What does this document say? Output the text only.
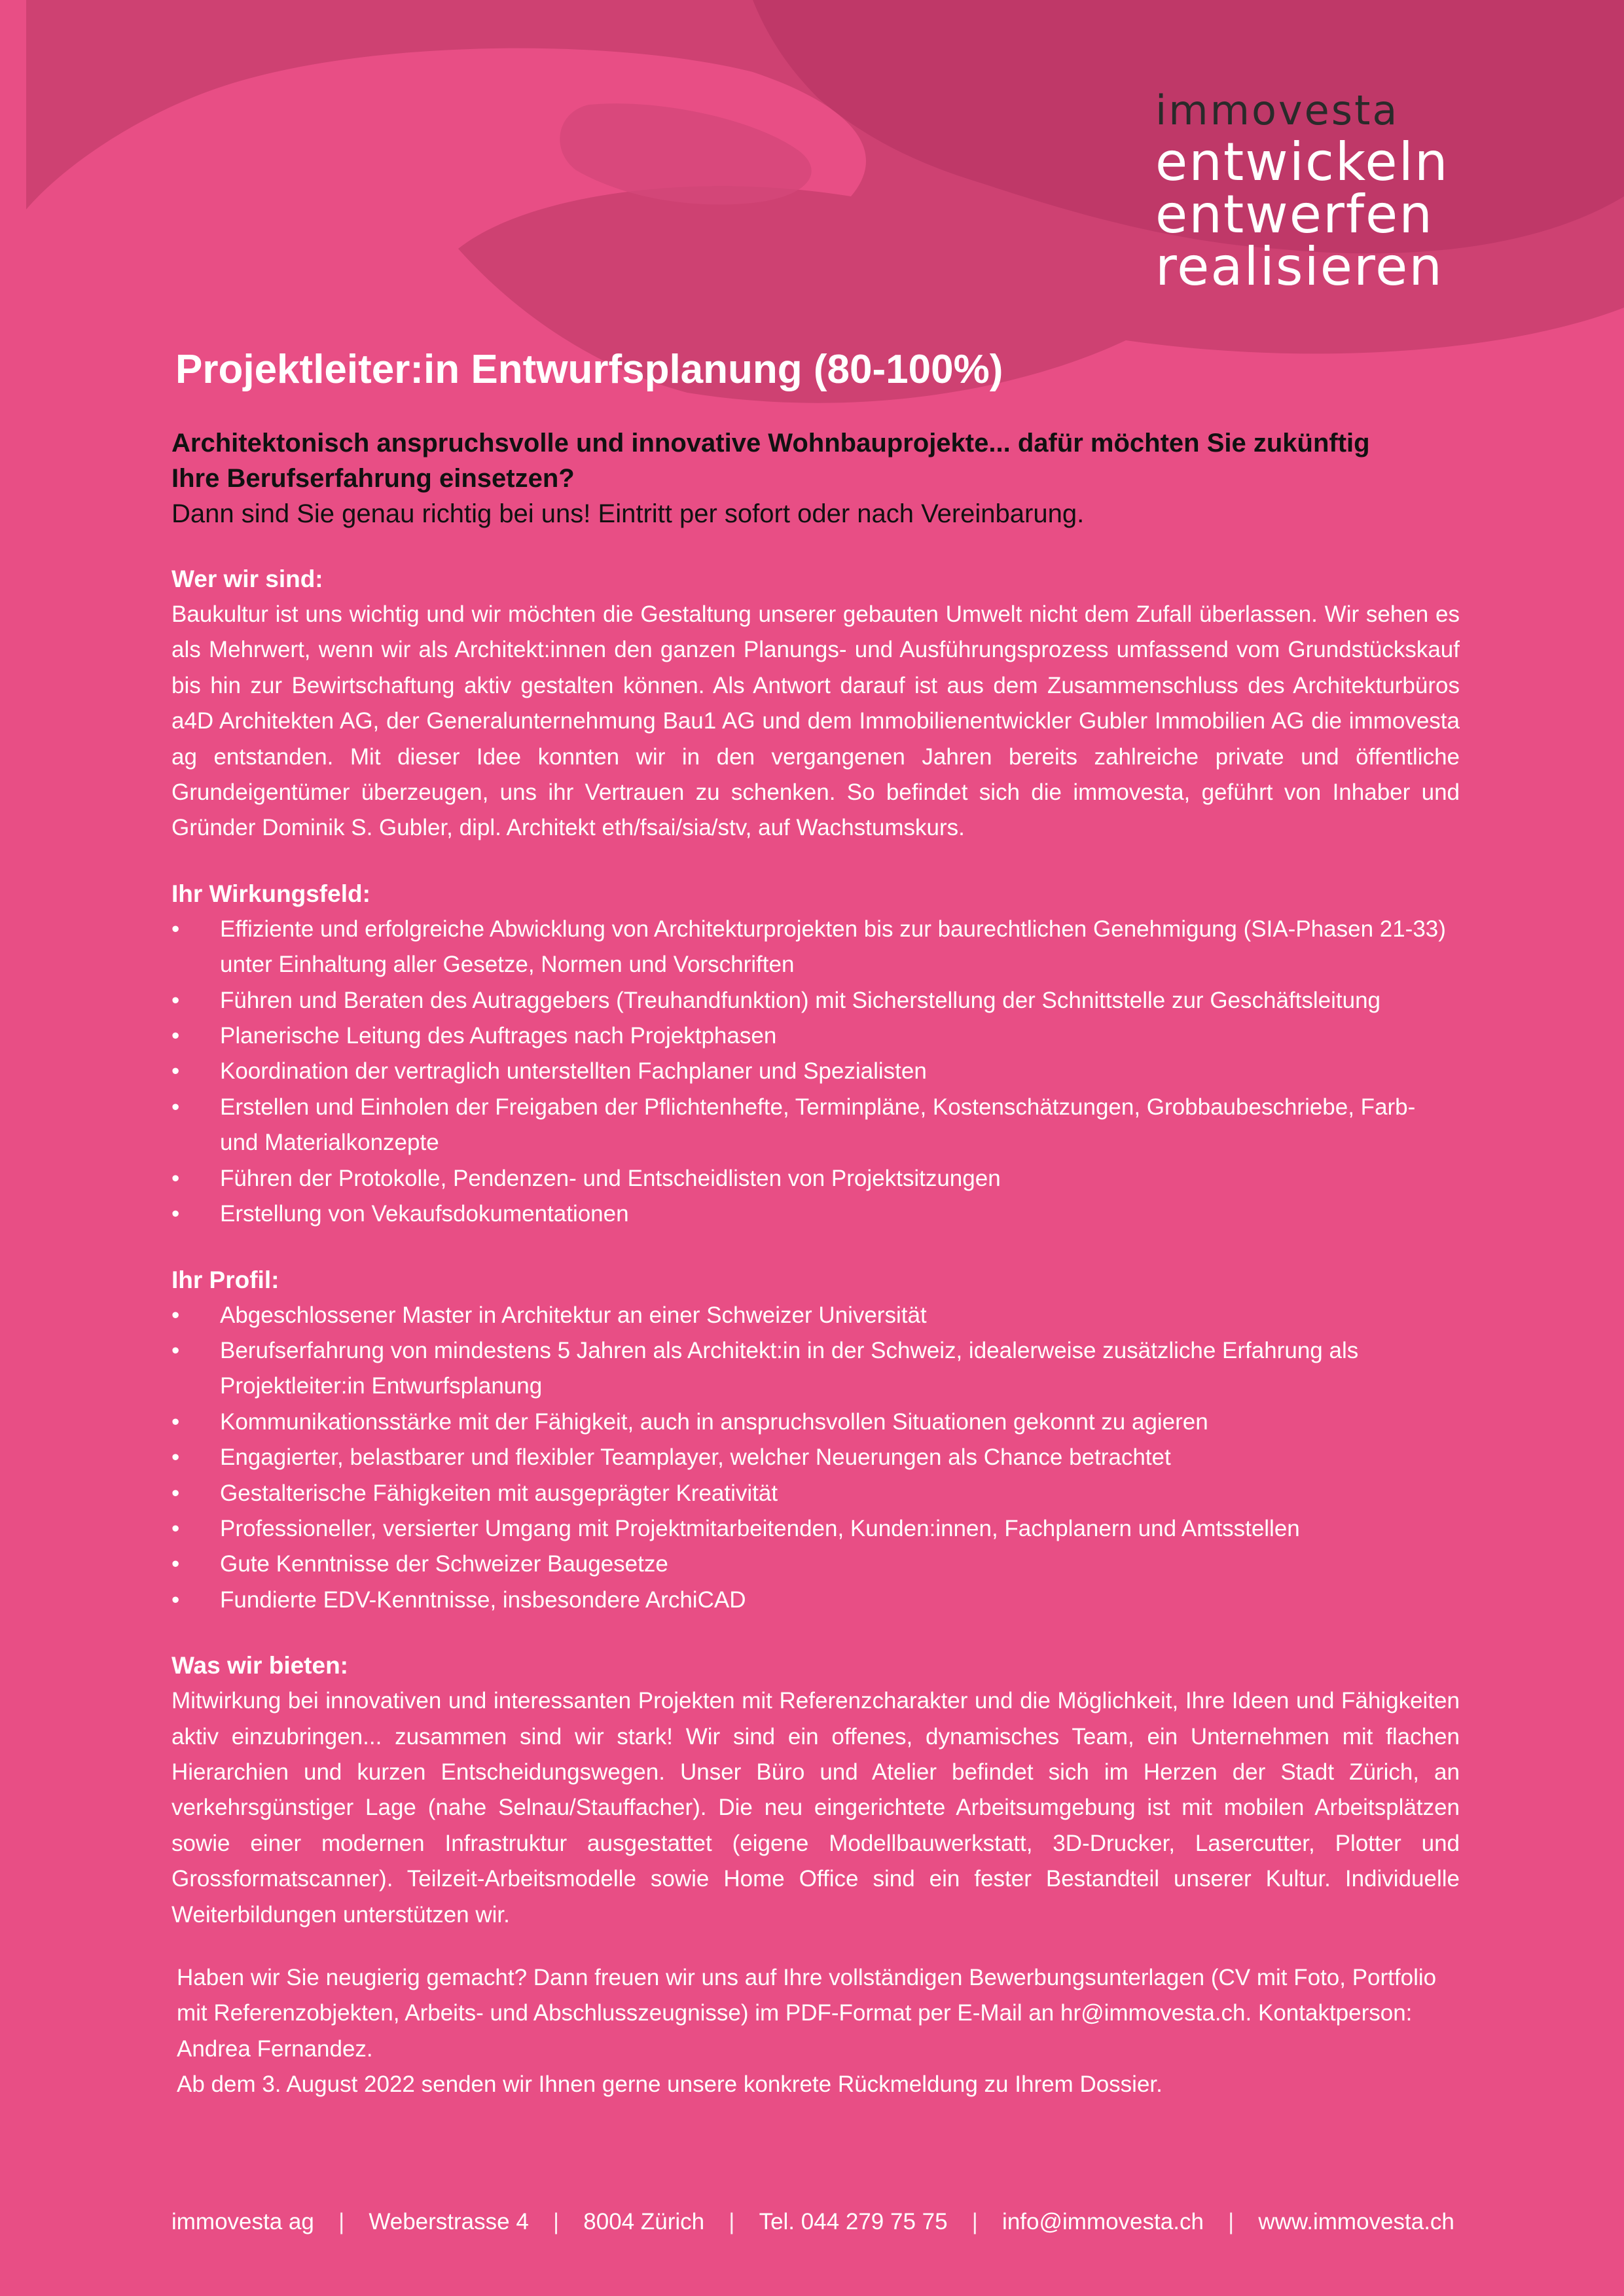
immovesta
entwickeln
entwerfen
realisieren
Projektleiter:in Entwurfsplanung (80-100%)

Architektonisch anspruchsvolle und innovative Wohnbauprojekte... dafür möchten Sie zukünftig
Ihre Berufserfahrung einsetzen?

Dann sind Sie genau richtig bei uns! Eintritt per sofort oder nach Vereinbarung.

Wer wir sind:

Baukultur ist uns wichtig und wir möchten die Gestaltung unserer gebauten Umwelt nicht dem Zufall überlassen. Wir sehen es als Mehrwert, wenn wir als Architekt:innen den ganzen Planungs- und Ausführungsprozess umfassend vom Grundstückskauf bis hin zur Bewirtschaftung aktiv gestalten können. Als Antwort darauf ist aus dem Zusammenschluss des Architekturbüros a4D Architekten AG, der Generalunternehmung Bau1 AG und dem Immobilienentwickler Gubler Immobilien AG die immovesta ag entstanden. Mit dieser Idee konnten wir in den vergangenen Jahren bereits zahlreiche private und öffentliche Grundeigentümer überzeugen, uns ihr Vertrauen zu schenken. So befindet sich die immovesta, geführt von Inhaber und Gründer Dominik S. Gubler, dipl. Architekt eth/fsai/sia/stv, auf Wachstumskurs.

Ihr Wirkungsfeld:
• Effiziente und erfolgreiche Abwicklung von Architekturprojekten bis zur baurechtlichen Genehmigung (SIA-Phasen 21-33) unter Einhaltung aller Gesetze, Normen und Vorschriften
• Führen und Beraten des Autraggebers (Treuhandfunktion) mit Sicherstellung der Schnittstelle zur Geschäftsleitung
• Planerische Leitung des Auftrages nach Projektphasen
• Koordination der vertraglich unterstellten Fachplaner und Spezialisten
• Erstellen und Einholen der Freigaben der Pflichtenhefte, Terminpläne, Kostenschätzungen, Grobbaubeschriebe, Farb- und Materialkonzepte
• Führen der Protokolle, Pendenzen- und Entscheidlisten von Projektsitzungen
• Erstellung von Vekaufsdokumentationen
Ihr Profil:
• Abgeschlossener Master in Architektur an einer Schweizer Universität
• Berufserfahrung von mindestens 5 Jahren als Architekt:in in der Schweiz, idealerweise zusätzliche Erfahrung als Projektleiter:in Entwurfsplanung
• Kommunikationsstärke mit der Fähigkeit, auch in anspruchsvollen Situationen gekonnt zu agieren
• Engagierter, belastbarer und flexibler Teamplayer, welcher Neuerungen als Chance betrachtet
• Gestalterische Fähigkeiten mit ausgeprägter Kreativität
• Professioneller, versierter Umgang mit Projektmitarbeitenden, Kunden:innen, Fachplanern und Amtsstellen
• Gute Kenntnisse der Schweizer Baugesetze
• Fundierte EDV-Kenntnisse, insbesondere ArchiCAD
Was wir bieten:

Mitwirkung bei innovativen und interessanten Projekten mit Referenzcharakter und die Möglichkeit, Ihre Ideen und Fähigkeiten aktiv einzubringen... zusammen sind wir stark! Wir sind ein offenes, dynamisches Team, ein Unternehmen mit flachen Hierarchien und kurzen Entscheidungswegen. Unser Büro und Atelier befindet sich im Herzen der Stadt Zürich, an verkehrsgünstiger Lage (nahe Selnau/Stauffacher). Die neu eingerichtete Arbeitsumgebung ist mit mobilen Arbeitsplätzen sowie einer modernen Infrastruktur ausgestattet (eigene Modellbauwerkstatt, 3D-Drucker, Lasercutter, Plotter und Grossformatscanner). Teilzeit-Arbeitsmodelle sowie Home Office sind ein fester Bestandteil unserer Kultur. Individuelle Weiterbildungen unterstützen wir.

Haben wir Sie neugierig gemacht? Dann freuen wir uns auf Ihre vollständigen Bewerbungsunterlagen (CV mit Foto, Portfolio mit Referenzobjekten, Arbeits- und Abschlusszeugnisse) im PDF-Format per E-Mail an hr@immovesta.ch. Kontaktperson: Andrea Fernandez.

Ab dem 3. August 2022 senden wir Ihnen gerne unsere konkrete Rückmeldung zu Ihrem Dossier.

immovesta ag | Weberstrasse 4 | 8004 Zürich | Tel. 044 279 75 75 | info@immovesta.ch | www.immovesta.ch
